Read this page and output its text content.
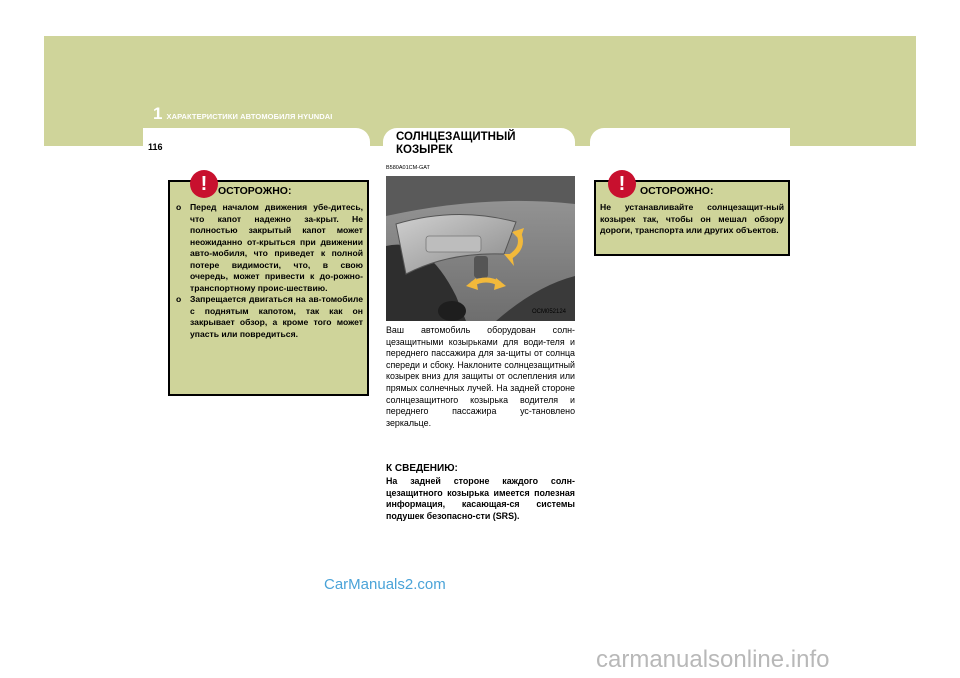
1 ХАРАКТЕРИСТИКИ АВТОМОБИЛЯ HYUNDAI
116
!	ОСТОРОЖНО:
o Перед началом движения убе-дитесь, что капот надежно за-крыт. Не полностью закрытый капот может неожиданно от-крыться при движении авто-мобиля, что приведет к полной потере видимости, что, в свою очередь, может привести к до-рожно-транспортному проис-шествию.
o Запрещается двигаться на ав-томобиле с поднятым капотом, так как он закрывает обзор, а кроме того может упасть или повредиться.
СОЛНЦЕЗАЩИТНЫЙ
КОЗЫРЕК
B580A01CM-GAT
OCM052124

Ваш автомобиль оборудован солн-цезащитными козырьками для води-теля и переднего пассажира для за-щиты от солнца спереди и сбоку. Наклоните солнцезащитный козырек вниз для защиты от ослепления или прямых солнечных лучей. На задней стороне солнцезащитного козырька водителя и переднего пассажира ус-тановлено зеркальце.

К СВЕДЕНИЮ:

На задней стороне каждого солн-цезащитного козырька имеется полезная информация, касающая-ся системы подушек безопасно-сти (SRS).

!	ОСТОРОЖНО:

Не устанавливайте солнцезащит-ный козырек так, чтобы он мешал обзору дороги, транспорта или других объектов.

CarManuals2.com
carmanualsonline.info
